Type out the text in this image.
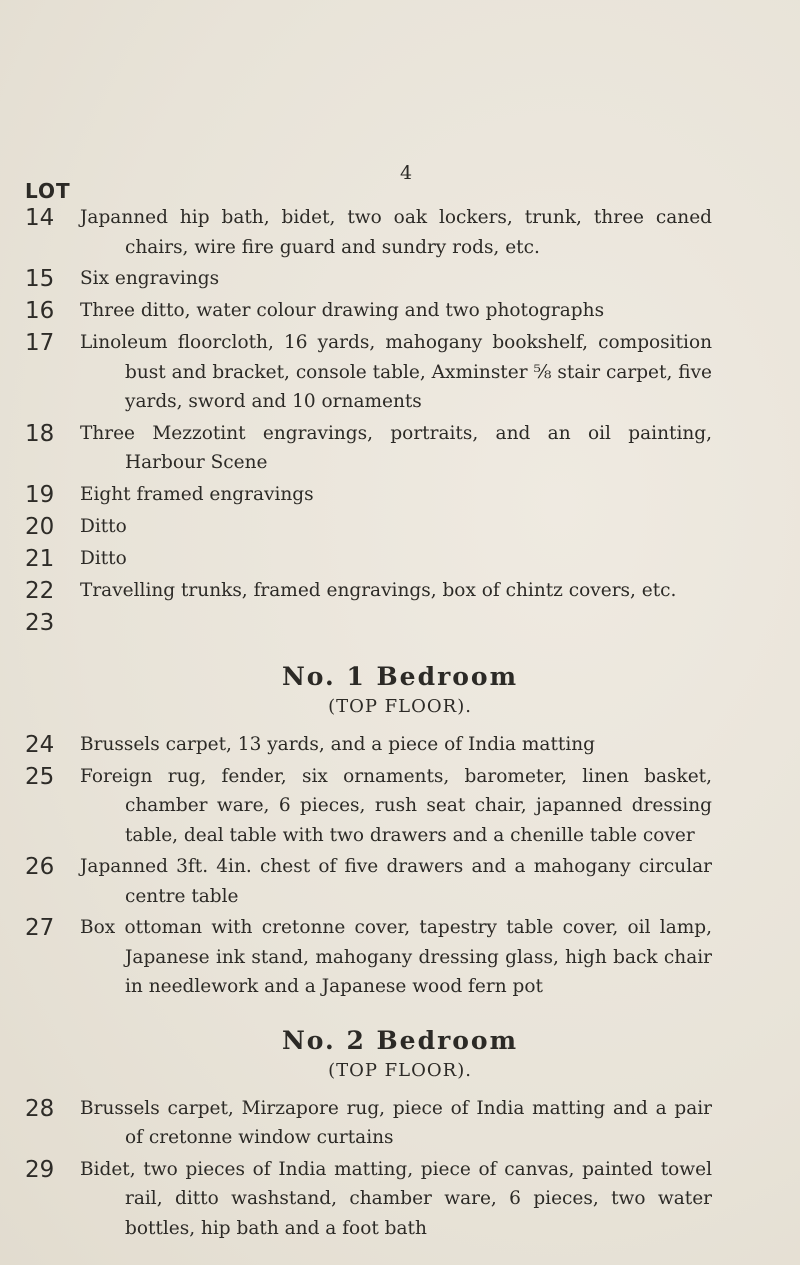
4
LOT
14 Japanned hip bath, bidet, two oak lockers, trunk, three caned chairs, wire fire guard and sundry rods, etc.
15 Six engravings
16 Three ditto, water colour drawing and two photographs
17 Linoleum floorcloth, 16 yards, mahogany bookshelf, composition bust and bracket, console table, Axminster ⅝ stair carpet, five yards, sword and 10 ornaments
18 Three Mezzotint engravings, portraits, and an oil painting, Harbour Scene
19 Eight framed engravings
20 Ditto
21 Ditto
22 Travelling trunks, framed engravings, box of chintz covers, etc.
23
No. 1 Bedroom
(TOP FLOOR).
24 Brussels carpet, 13 yards, and a piece of India matting
25 Foreign rug, fender, six ornaments, barometer, linen basket, chamber ware, 6 pieces, rush seat chair, japanned dressing table, deal table with two drawers and a chenille table cover
26 Japanned 3ft. 4in. chest of five drawers and a mahogany circular centre table
27 Box ottoman with cretonne cover, tapestry table cover, oil lamp, Japanese ink stand, mahogany dressing glass, high back chair in needlework and a Japanese wood fern pot
No. 2 Bedroom
(TOP FLOOR).
28 Brussels carpet, Mirzapore rug, piece of India matting and a pair of cretonne window curtains
29 Bidet, two pieces of India matting, piece of canvas, painted towel rail, ditto washstand, chamber ware, 6 pieces, two water bottles, hip bath and a foot bath
